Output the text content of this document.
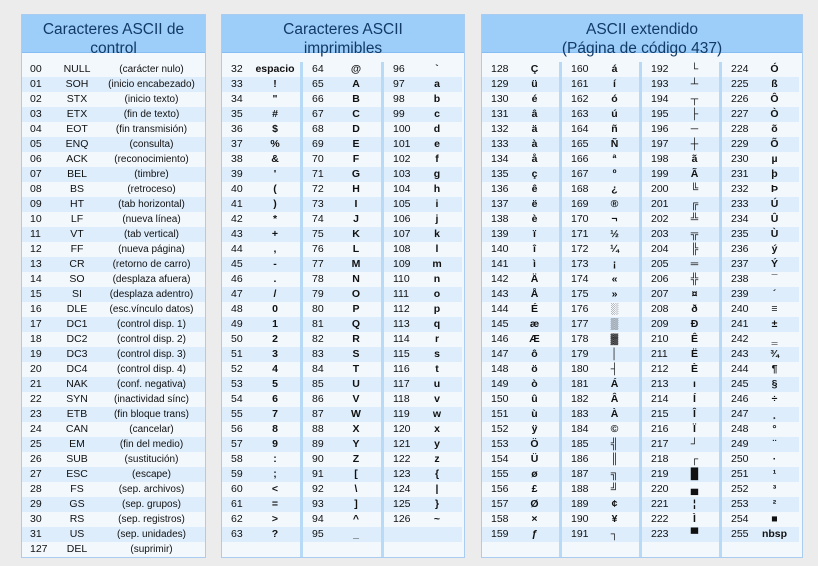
Caracteres ASCII de
control
00 NULL	(carácter nulo)
01	SOH	(inicio encabezado)
02	STX	(inicio texto)
03	ETX	(fin de texto)
04	EOT	(fin transmisión)
05	ENQ	(consulta)
06	ACK	(reconocimiento)
07	BEL	(timbre)
08	BS	(retroceso)
09	HT	(tab horizontal)
10	LF	(nueva línea)
11	VT	(tab vertical)
12	FF	(nueva página)
13	CR	(retorno de carro)
14	SO	(desplaza afuera)
15	SI	(desplaza adentro)
16	DLE	(esc.vínculo datos)
17	DC1	(control disp. 1)
18	DC2	(control disp. 2)
19	DC3	(control disp. 3)
20	DC4	(control disp. 4)
21	NAK	(conf. negativa)
22	SYN	(inactividad sínc)
23	ETB	(fin bloque trans)
24	CAN	(cancelar)
25	EM	(fin del medio)
26	SUB	(sustitución)
27	ESC	(escape)
28	FS	(sep. archivos)
29	GS	(sep. grupos)
30	RS	(sep. registros)
31	US	(sep. unidades)
127	DEL	(suprimir)
Caracteres ASCII
imprimibles
32	espacio
33	!
34	"
35	#
36	$
37	%
38	&
39	'
40	(
41	)
42	*
43	+
44	,
45	-
46	.
47	/
48	0
49	1
50	2
51	3
52	4
53	5
54	6
55	7
56	8
57	9
58	:
59	;
60	<
61	=
62	>
63	?
64	@
65	A
66	B
67	C
68	D
69	E
70	F
71	G
72	H
73	I
74	J
75	K
76	L
77	M
78	N
79	O
80	P
81	Q
82	R
83	S
84	T
85	U
86	V
87	W
88	X
89	Y
90	Z
91	[
92	\
93	]
94	^
95	_
96	`
97	a
98	b
99	c
100	d
101	e
102	f
103	g
104	h
105	i
106	j
107	k
108	l
109	m
110	n
111	o
112	p
113	q
114	r
115	s
116	t
117	u
118	v
119	w
120	x
121	y
122	z
123	{
124	|
125	}
126	~
ASCII extendido
(Página de código 437)
128	Ç
129	ü
130	é
131	â
132	ä
133	à
134	å
135	ç
136	ê
137	ë
138	è
139	ï
140	î
141	ì
142	Ä
143	Å
144	É
145	æ
146	Æ
147	ô
148	ö
149	ò
150	û
151	ù
152	ÿ
153	Ö
154	Ü
155	ø
156	£
157	Ø
158	×
159	ƒ
160	á
161	í
162	ó
163	ú
164	ñ
165	Ñ
166	ª
167	º
168	¿
169	®
170	¬
171	½
172	¼
173	¡
174	«
175	»
176	░
177	▒
178	▓
179	│
180	┤
181	Á
182	Â
183	À
184	©
185	╣
186	║
187	╗
188	╝
189	¢
190	¥
191	┐
192	└
193	┴
194	┬
195	├
196	─
197	┼
198	ã
199	Ã
200	╚
201	╔
202	╩
203	╦
204	╠
205	═
206	╬
207	¤
208	ð
209	Ð
210	Ê
211	Ë
212	È
213	ı
214	Í
215	Î
216	Ï
217	┘
218	┌
219	█
220	▄
221	¦
222	Ì
223	▀
224	Ó
225	ß
226	Ô
227	Ò
228	õ
229	Õ
230	µ
231	þ
232	Þ
233	Ú
234	Û
235	Ù
236	ý
237	Ý
238	¯
239	´
240	≡
241	±
242	‗
243	¾
244	¶
245	§
246	÷
247	¸
248	°
249	¨
250	·
251	¹
252	³
253	²
254	■
255	nbsp
